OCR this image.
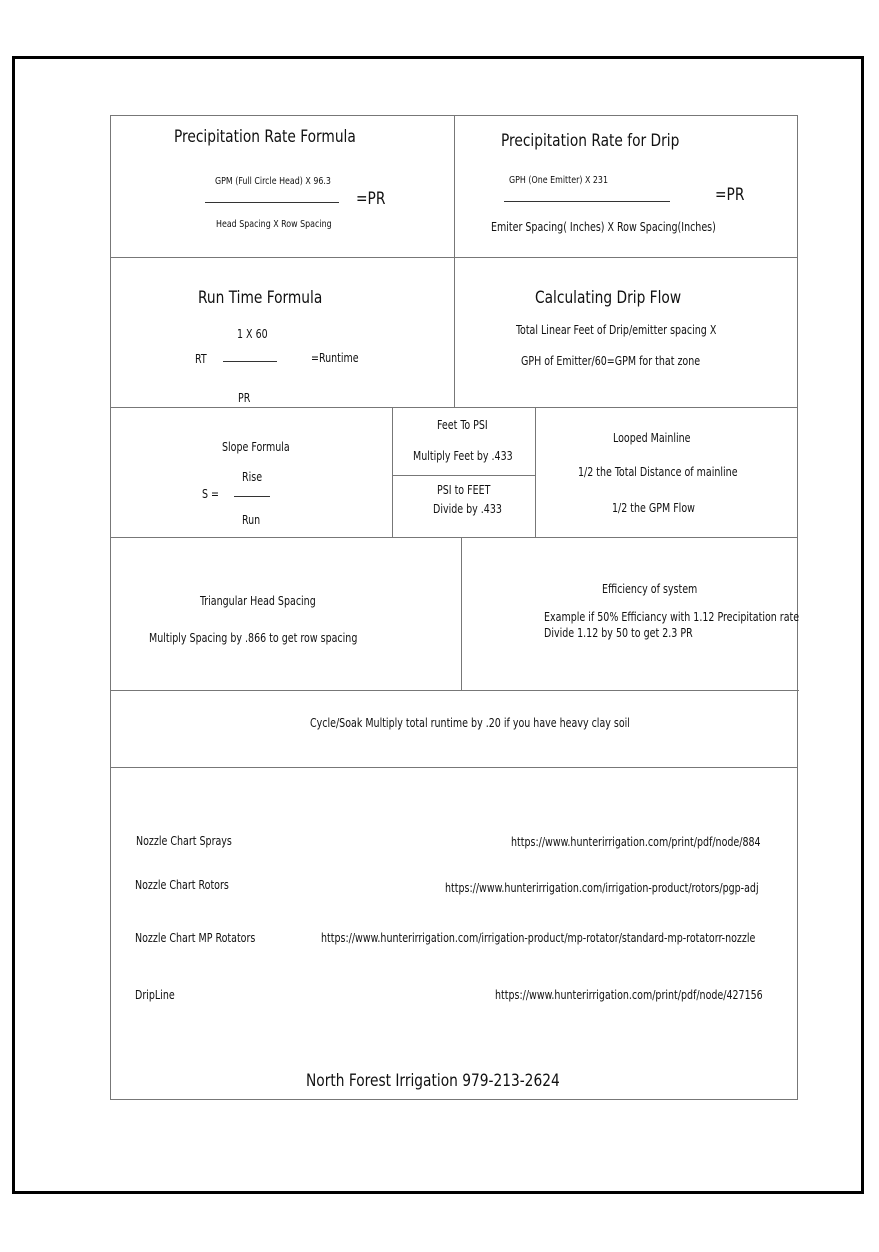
Precipitation Rate Formula
GPM (Full Circle Head) X 96.3
=PR
Head Spacing X Row Spacing
Precipitation Rate for Drip
GPH (One Emitter) X 231
=PR
Emiter Spacing( Inches) X Row Spacing(Inches)
Run Time Formula
1 X 60
RT	=Runtime
PR
Calculating Drip Flow
Total Linear Feet of Drip/emitter spacing X
GPH of Emitter/60=GPM for that zone
Slope Formula
Rise
S =
Run
Feet To PSI
Multiply Feet by .433
PSI to FEET
Divide by .433
Looped Mainline
1/2 the Total Distance of mainline
1/2 the GPM Flow
Triangular Head Spacing
Multiply Spacing by .866 to get row spacing
Efficiency of system
Example if 50% Efficiancy with 1.12 Precipitation rate
Divide 1.12 by 50 to get 2.3 PR
Cycle/Soak Multiply total runtime by .20 if you have heavy clay soil
Nozzle Chart Sprays	https://www.hunterirrigation.com/print/pdf/node/884
Nozzle Chart Rotors	https://www.hunterirrigation.com/irrigation-product/rotors/pgp-adj
Nozzle Chart MP Rotators	https://www.hunterirrigation.com/irrigation-product/mp-rotator/standard-mp-rotatorr-nozzle
DripLine	https://www.hunterirrigation.com/print/pdf/node/427156
North Forest Irrigation 979-213-2624
